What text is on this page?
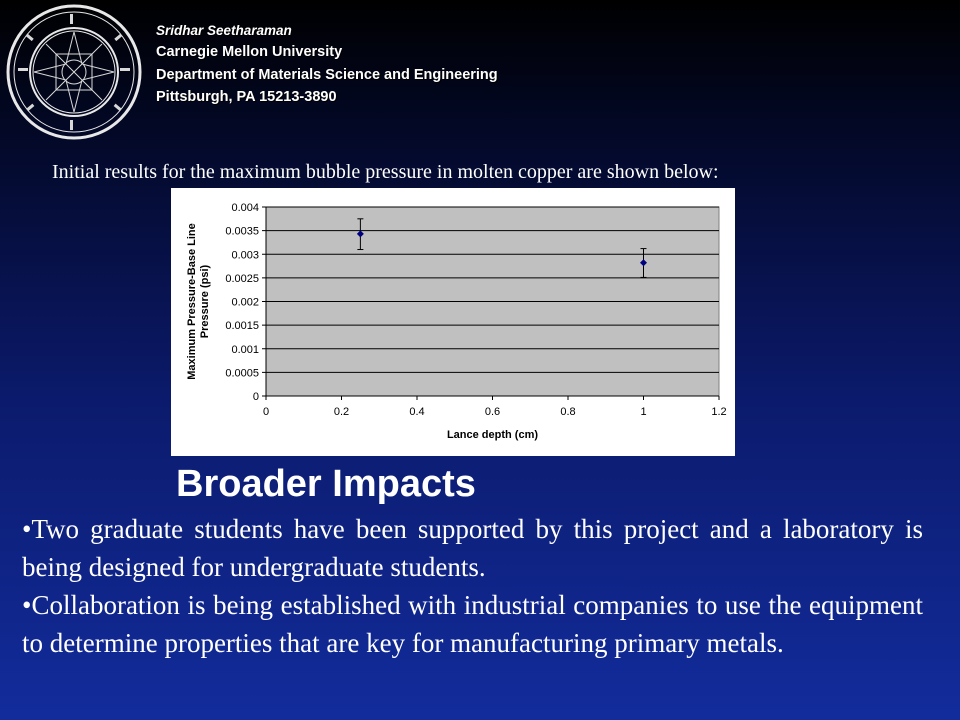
Sridhar Seetharaman
Carnegie Mellon University
Department of Materials Science and Engineering
Pittsburgh, PA 15213-3890
Initial results for the maximum bubble pressure in molten copper are shown below:
0
0.0005
0.001
0.0015
0.002
0.0025
0.003
0.0035
0.004
0	0.2	0.4	0.6	0.8	1	1.2
Lance depth (cm)
Maximum Pressure-Base Line Pressure (psi)
Broader Impacts
•Two graduate students have been supported by this project and a laboratory is being designed for undergraduate students.
•Collaboration is being established with industrial companies to use the equipment to determine properties that are key for manufacturing primary metals.
